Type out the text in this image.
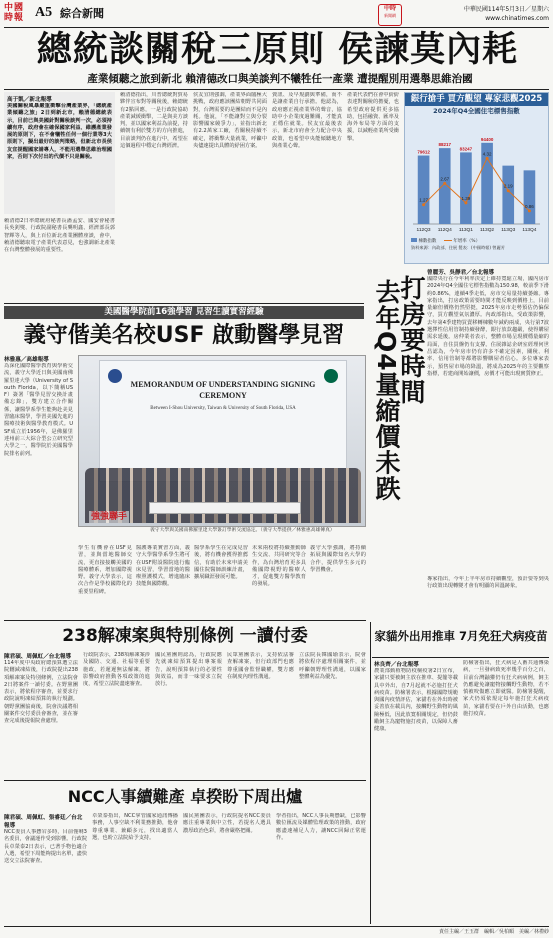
中國
時報 A5 綜合新聞	中時
新聞網
中華民國114年5月3日／星期六
www.chinatimes.com
總統談關稅三原則 侯諫莫內耗
產業傾聽之旅到新北 賴清德改口與美談判不犧牲任一產業 遭提醒別用選舉思維治國
高于凱／新北報導
美國關稅風暴嚴重衝擊台灣產業界，「總統產業傾聽之旅」2日到新北市，賴清德總統表示，目前已與美國針對關稅談判一次，必須持續有序，政府會在確保國家利益、維護產業發展的原則下，在不會犧牲任何一個行業等3大原則下，擬出最好的談判策略，但新北市長侯友宜提醒國家請專人，不能用選舉思維治理國家，否則下次付出的代價不只是關稅。
賴清德2日率總統府秘書長潘孟安、國安會秘書長吳釗燮、行政院副秘書長龔明鑫、經濟部長郭智輝等人，與上百位新北產業團體座談，會中，賴清德聽取電子產業代表意見，也強調新北產業在台灣整體發展的重要性。
賴清德指出，川普總統對貿易夥伴宣布對等關稅後，賴總統有2點回應，一是行政院協助產業減緩衝擊，二是與美方談判，並以國家利益為前提，持續朝有利於雙方的方向推進，目前談判仍在進行中，希望在這個過程中穩定台灣經濟。
侯友宜則強調，產業界面臨極大挑戰，政府應該團結朝野共同面對，台灣需要的是團結而不是內耗。他說，「不能讓對立與分裂影響國家競爭力」，並指出新北有2.2萬家工廠，若關稅持續不確定，將衝擊大量就業，呼籲中央儘速提出具體的紓困方案。
資訊、及早規劃與準備，而不是讓產業自行承擔。他認為，政府應正視產業界的聲音，協助中小企業度過難關，才能真正穩住就業。侯友宜最後表示，新北市府會全力配合中央政策，也希望中央能傾聽地方與產業心聲。
產業代表們在會中紛紛表達對關稅的擔憂，也希望政府提供更多協助，包括融資、匯率及海外布局等方面的支援，以減輕產業所受衝擊。
銀行搶手 買方觀望 專家悲觀2025
2024年Q4全國住宅標售指數
79612
112Q3
88217
112Q4
83247
113Q1
94400
113Q2 113Q3 113Q4
1.27
2.67
1.39
4.32
2.19
0.86
棟數指數	年增率（%）
資料來源：內政部、住展 製表：(中國時報) 曾麗芳
打房要時間
去年Q4量縮價未跌
曾麗芳、吳靜君／台北報導
國際央行在今年利率決定上維持寬鬆立場，國內房市2024年Q4全國住宅標售指數為150.98，較前季下滑約0.86%，連續4季走低，房市交易量持續萎縮。專家指出，打房政策需要時間才能反映到價格上，目前量縮但價格仍然堅挺，2025年房市走勢預估仍偏保守，買方觀望氣氛濃厚。內政部指出，受政策影響，去年第4季建物買賣移轉棟數年減約兩成，央行第7波選擇性信用管制持續發酵，銀行放款趨嚴，使得購屋需求延後。房仲業者表示，整體市場呈現價穩量縮的局面，自住買盤仍有支撐。住展雜誌企研室經理何世昌認為，今年房市仍有許多不確定因素，關稅、利率、信用管制等都將影響購屋者信心。多位專家表示，預售屋市場的降溫，將成為2025年的主要觀察指標，若建商開始讓價，房價才可能出現實質修正。
專家指出，今年上半年房市持續觀望，預計要等到央行政策出現轉變才會有明顯的回溫跡象。
美國醫學院前16強學習 見習生讀實習經驗
義守偕美名校USF 啟動醫學見習
林雅惠／高雄報導
為深化國際醫學教育與學術交流，義守大學近日與美國南佛羅里達大學（University of South Florida，以下簡稱USF）簽署「醫學見習交換計畫備忘錄」，雙方建立合作關係，讓醫學系學生能夠赴美見習臨床醫學，學習美國先進的醫療技術與醫學教育模式。USF成立於1956年，是佛羅里達州前三大綜合型公立研究型大學之一，醫學院於美國醫學院排名前列。
MEMORANDUM OF UNDERSTANDING SIGNING CEREMONY
Between I-Shou University, Taiwan & University of South Florida, USA
強強聯手
義守大學與美國南佛羅里達大學簽訂學術交流協定。（義守大學提供／林雅惠高雄傳真）
學生有機會在USF見習，並與當地醫師交流，更直接接觸美國的醫療體系，增加國際視野。義守大學表示，這次合作是學校國際化的重要里程碑。
醫護專業實習方面，義守大學醫學系學生將可在USF附設醫院進行臨床見習，學習當地的醫療照護模式，增進臨床技能與國際觀。
醫學系學生在完成見習後，將有機會獲得推薦信，有助於未來申請美國住院醫師訓練計畫，擴展職涯發展可能。
未來兩校將持續推動師生交流、共同研究等合作，為台灣培育更多具備國際視野的醫療人才，促進雙方醫學教育的發展。
義守大學強調，將持續拓展與國際知名大學的合作，提供學生多元的學習機會。
238解凍案與特別條例 一讀付委
陳君碩、周佩虹／台北報導
114年度中央政府總預算遭立法院刪減凍結後，行政院提出238項解凍案及特別條例，立法院會2日將案件一讀付委。在野黨團表示，將依程序審查，並要求行政院說明凍結預算的執行規劃。朝野黨團協商後，院會決議將相關案件交付委員會審查，並在審查完成後提報院會處理。
行政院表示，238項解凍案涉及國防、交通、社福等重要施政，若遲遲無法解凍，將影響政府推動各項政策的進度，希望立法院盡速審查。
國民黨團則認為，行政院應先就凍結預算提出專案報告，說明預算執行的必要性與效益，而非一味要求立院放行。
民眾黨團表示，支持依法審查解凍案，但行政部門也應尊重國會監督職權，雙方應在制度內理性溝通。
立法院長韓國瑜表示，院會將依程序處理相關案件，並呼籲朝野理性溝通，以國家整體利益為優先。
NCC人事續難產 卓揆盼下周出爐
陳君碩、周佩虹、張睿廷／台北報導
NCC委員人事懸宕多時，目前僅剩3名委員，會議運作受到影響。行政院長卓榮泰2日表示，已著手物色適合人選，希望下周能夠提出名單，盡快送交立法院審查。
卓榮泰指出，NCC掌管國家通訊傳播事務，人事空缺不利業務推動，他會尊重專業、兼顧多元，找出適當人選，也盼立法院給予支持。
國民黨團表示，行政院提名NCC委員應注重專業與中立性，若提名人選具濃厚政治色彩，將會嚴格把關。
學者指出，NCC人事長期懸缺，已影響數位匯流及媒體監理政策的推動，政府應盡速補足人力，讓NCC回歸正常運作。
家貓外出用推車 7月免狂犬病疫苗
林良齊／台北報導
農業部動植物防疫檢疫署2日宣布，家貓只要被飼主放在推車、提籠等載具中外出，自7月起就不必施打狂犬病疫苗。防檢署表示，根據國際規範與國內疫情評估，家貓若在外出時被妥善放在載具內，接觸野生動物的風險極低，因此放寬相關規定，但仍鼓勵飼主為寵物施打疫苗，以保障人畜健康。
防檢署指出，狂犬病是人畜共通傳染病，一旦發病致死率幾乎百分之百，目前台灣鼬獾仍有狂犬病病例，飼主仍應避免讓寵物接觸野生動物，若不慎被咬傷應立即就醫。防檢署提醒，家犬仍須依規定每年施打狂犬病疫苗，家貓若要在戶外自由活動，也應施打疫苗。
責任主編／王玉群　編輯／吳柏順　美編／林禮紗
